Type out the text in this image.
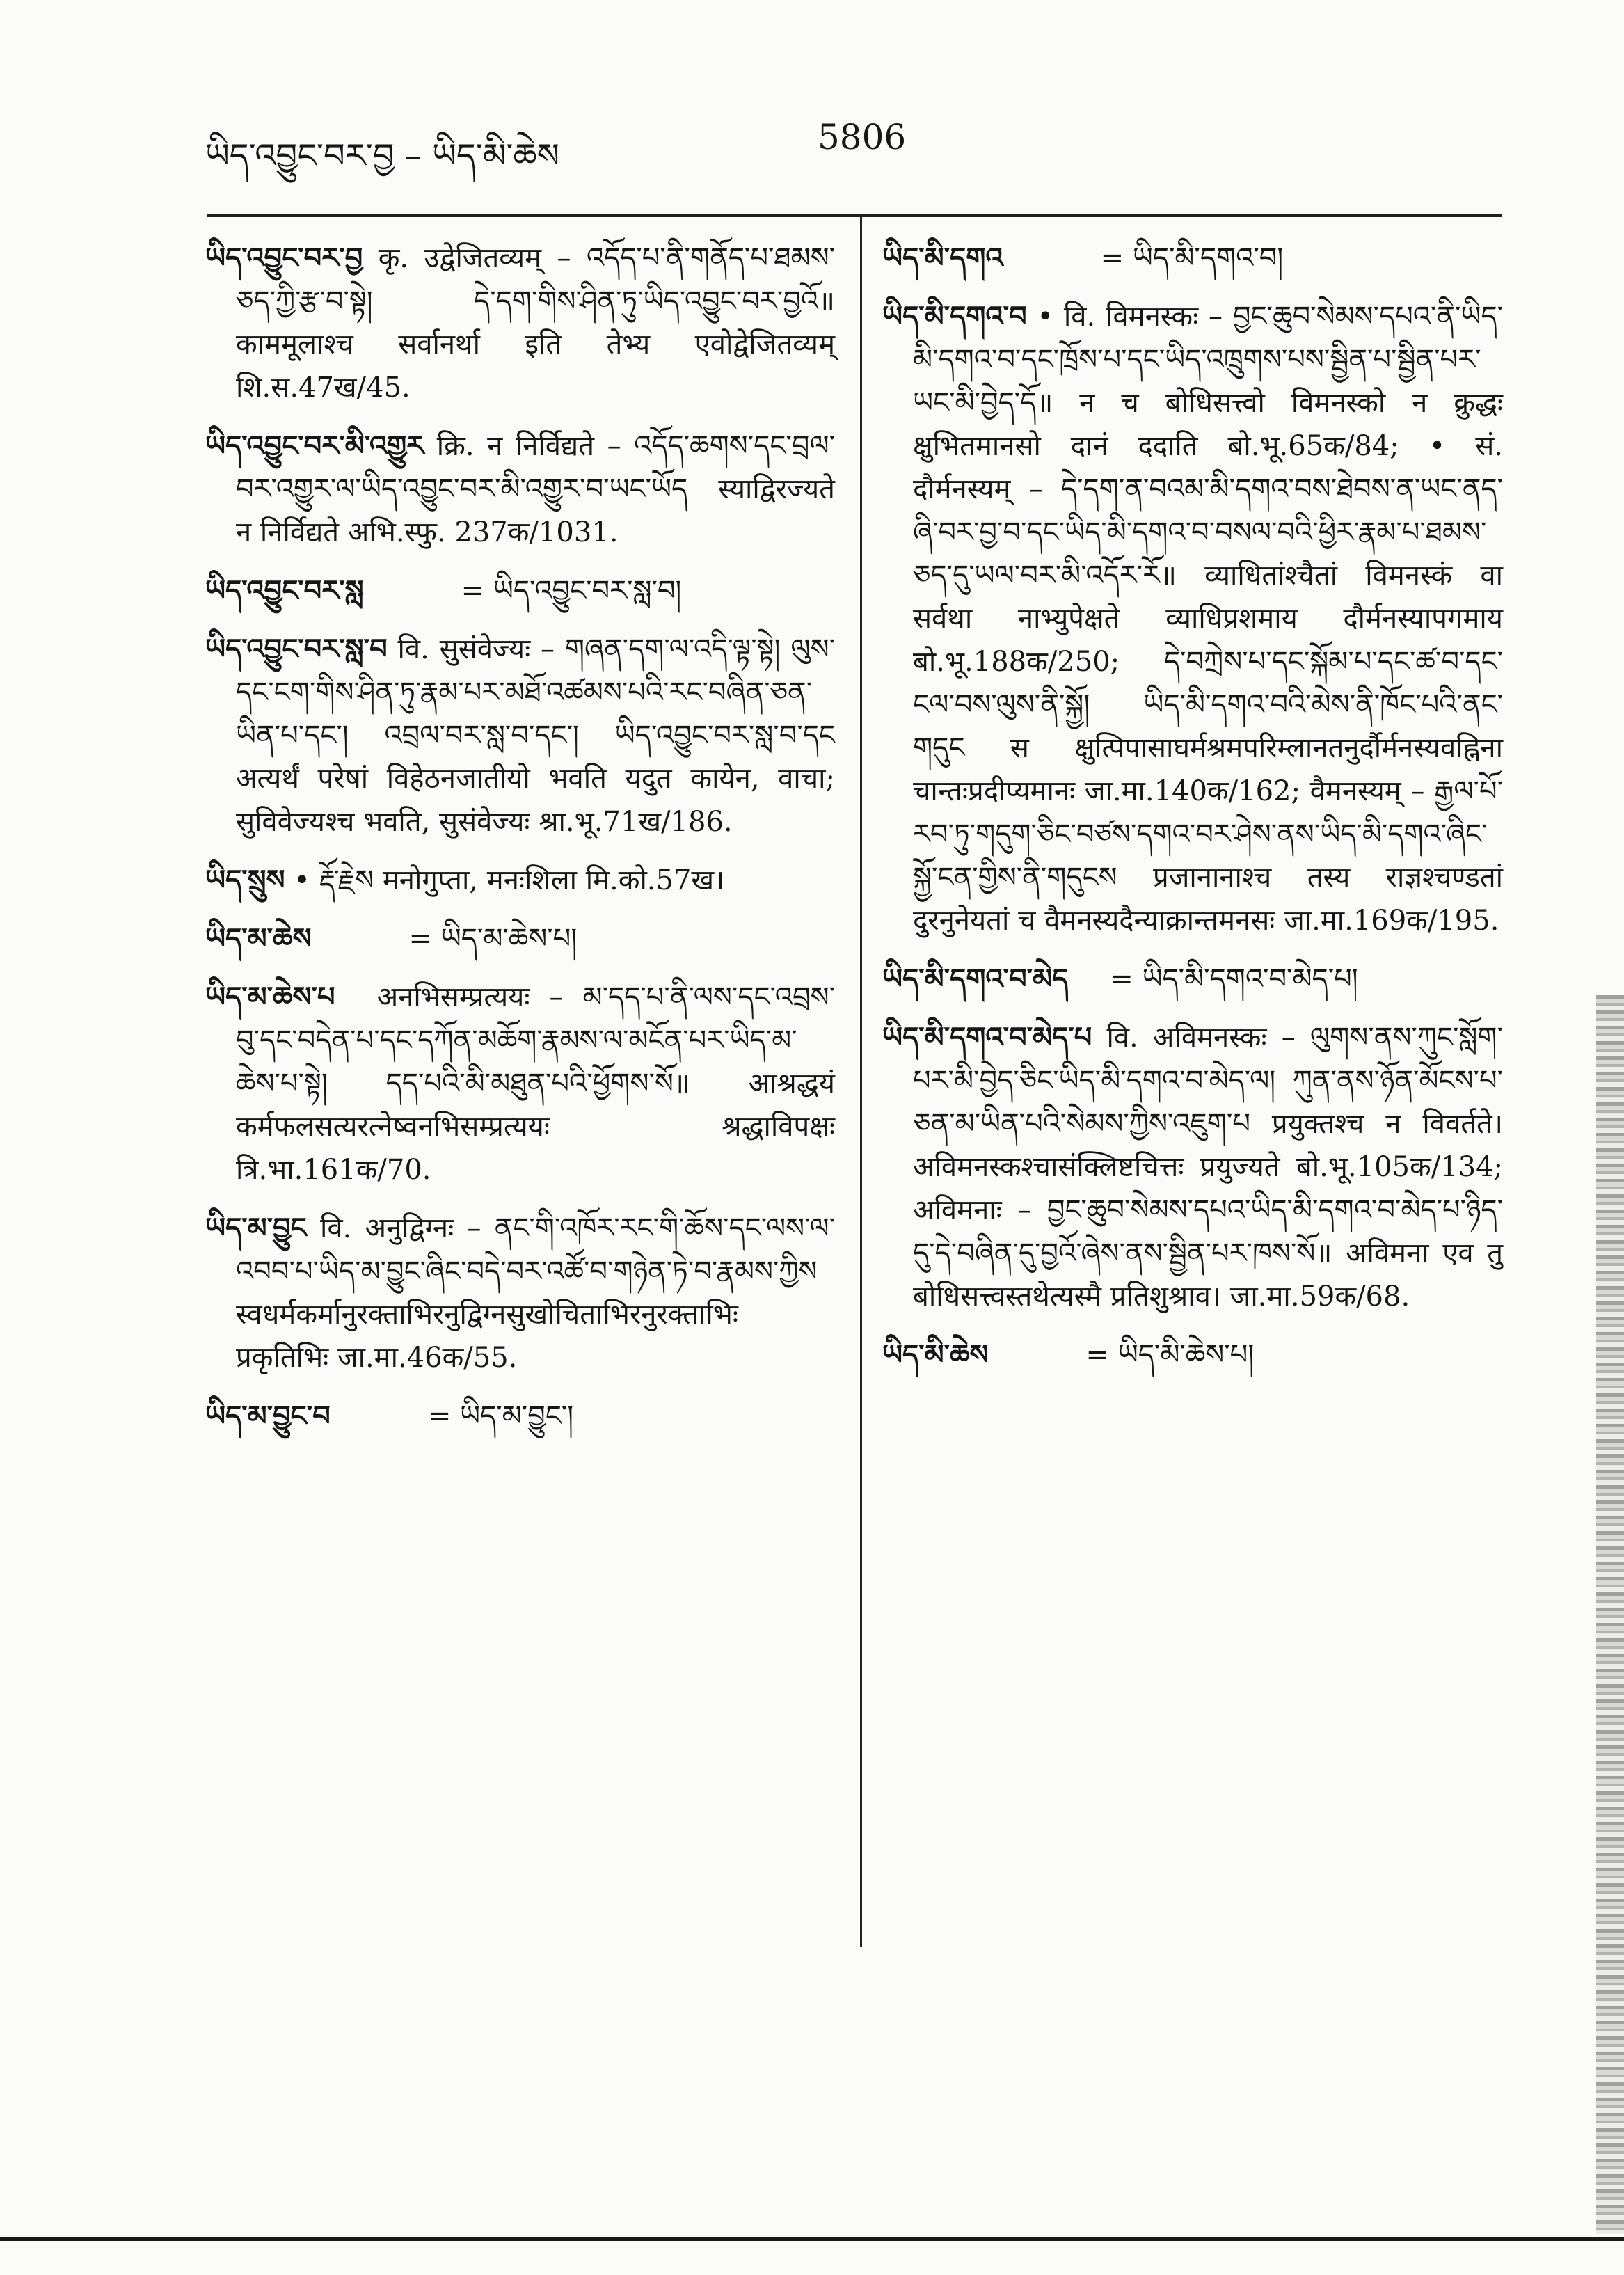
ཡིད་འབྱུང་བར་བྱ – ཡིད་མི་ཆེས	5806
ཡིད་འབྱུང་བར་བྱ कृ. उद्वेजितव्यम् – འདོད་པ་ནི་གནོད་པ་ཐམས་ཅད་ཀྱི་རྩ་བ་སྟེ། དེ་དག་གིས་ཤིན་ཏུ་ཡིད་འབྱུང་བར་བྱའོ॥ काममूलाश्च सर्वानर्था इति तेभ्य एवोद्वेजितव्यम् शि.स.47ख/45.
ཡིད་འབྱུང་བར་མི་འགྱུར क्रि. न निर्विद्यते – འདོད་ཆགས་དང་བྲལ་བར་འགྱུར་ལ་ཡིད་འབྱུང་བར་མི་འགྱུར་བ་ཡང་ཡོད स्याद्विरज्यते न निर्विद्यते अभि.स्फु. 237क/1031.
ཡིད་འབྱུང་བར་སླ	= ཡིད་འབྱུང་བར་སླ་བ།
ཡིད་འབྱུང་བར་སླ་བ वि. सुसंवेज्यः – གཞན་དག་ལ་འདི་ལྟ་སྟེ། ལུས་དང་ངག་གིས་ཤིན་ཏུ་རྣམ་པར་མཐོ་འཚམས་པའི་རང་བཞིན་ཅན་ཡིན་པ་དང་། འབྲལ་བར་སླ་བ་དང་། ཡིད་འབྱུང་བར་སླ་བ་དང अत्यर्थं परेषां विहेठनजातीयो भवति यदुत कायेन, वाचा; सुविवेज्यश्च भवति, सुसंवेज्यः श्रा.भू.71ख/186.
ཡིད་སྲུས • རྡོ་རྗེས मनोगुप्ता, मनःशिला मि.को.57ख।
ཡིད་མ་ཆེས	= ཡིད་མ་ཆེས་པ།
ཡིད་མ་ཆེས་པ अनभिसम्प्रत्ययः – མ་དད་པ་ནི་ལས་དང་འབྲས་བུ་དང་བདེན་པ་དང་དཀོན་མཆོག་རྣམས་ལ་མངོན་པར་ཡིད་མ་ཆེས་པ་སྟེ། དད་པའི་མི་མཐུན་པའི་ཕྱོགས་སོ॥ आश्रद्धयं कर्मफलसत्यरत्नेष्वनभिसम्प्रत्ययः श्रद्धाविपक्षः त्रि.भा.161क/70.
ཡིད་མ་བྱུང वि. अनुद्विग्नः – ནང་གི་འཁོར་རང་གི་ཆོས་དང་ལས་ལ་འབབ་པ་ཡིད་མ་བྱུང་ཞིང་བདེ་བར་འཚོ་བ་གཉེན་ཏེ་བ་རྣམས་ཀྱིས स्वधर्मकर्मानुरक्ताभिरनुद्विग्नसुखोचिताभिरनुरक्ताभिः प्रकृतिभिः जा.मा.46क/55.
ཡིད་མ་བྱུང་བ	= ཡིད་མ་བྱུང་།
ཡིད་མི་དགའ	= ཡིད་མི་དགའ་བ།
ཡིད་མི་དགའ་བ • वि. विमनस्कः – བྱང་ཆུབ་སེམས་དཔའ་ནི་ཡིད་མི་དགའ་བ་དང་ཁྲོས་པ་དང་ཡིད་འཁྲུགས་པས་སྦྱིན་པ་སྦྱིན་པར་ཡང་མི་བྱེད་དོ॥ न च बोधिसत्त्वो विमनस्को न क्रुद्धः क्षुभितमानसो दानं ददाति बो.भू.65क/84; • सं. दौर्मनस्यम् – དེ་དག་ན་བའམ་མི་དགའ་བས་ཐེབས་ན་ཡང་ནད་ཞི་བར་བྱ་བ་དང་ཡིད་མི་དགའ་བ་བསལ་བའི་ཕྱིར་རྣམ་པ་ཐམས་ཅད་དུ་ཡལ་བར་མི་འདོར་རོ॥ व्याधितांश्चैतां विमनस्कं वा सर्वथा नाभ्युपेक्षते व्याधिप्रशमाय दौर्मनस्यापगमाय बो.भू.188क/250; དེ་བཀྲེས་པ་དང་སྐོམ་པ་དང་ཚ་བ་དང་ངལ་བས་ལུས་ནི་སྐྱོ། ཡིད་མི་དགའ་བའི་མེས་ནི་ཁོང་པའི་ནང་གདུང स क्षुत्पिपासाघर्मश्रमपरिम्लानतनुर्दौर्मनस्यवह्निना चान्तःप्रदीप्यमानः जा.मा.140क/162; वैमनस्यम् – རྒྱལ་པོ་རབ་ཏུ་གདུག་ཅིང་བཙས་དགའ་བར་ཤེས་ནས་ཡིད་མི་དགའ་ཞིང་སྐྱོ་ངན་གྱིས་ནི་གདུངས प्रजानानाश्च तस्य राज्ञश्चण्डतां दुरनुनेयतां च वैमनस्यदैन्याक्रान्तमनसः जा.मा.169क/195.
ཡིད་མི་དགའ་བ་མེད = ཡིད་མི་དགའ་བ་མེད་པ།
ཡིད་མི་དགའ་བ་མེད་པ वि. अविमनस्कः – ལུགས་ནས་ཀུང་སློག་པར་མི་བྱེད་ཅིང་ཡིད་མི་དགའ་བ་མེད་ལ། ཀུན་ནས་ཉོན་མོངས་པ་ཅན་མ་ཡིན་པའི་སེམས་ཀྱིས་འཇུག་པ प्रयुक्तश्च न विवर्तते। अविमनस्कश्चासंक्लिष्टचित्तः प्रयुज्यते बो.भू.105क/134; अविमनाः – བྱང་ཆུབ་སེམས་དཔའ་ཡིད་མི་དགའ་བ་མེད་པ་ཉིད་དུ་དེ་བཞིན་དུ་བྱའོ་ཞེས་ནས་སྦྱིན་པར་ཁས་སོ॥ अविमना एव तु बोधिसत्त्वस्तथेत्यस्मै प्रतिशुश्राव। जा.मा.59क/68.
ཡིད་མི་ཆེས	= ཡིད་མི་ཆེས་པ།
